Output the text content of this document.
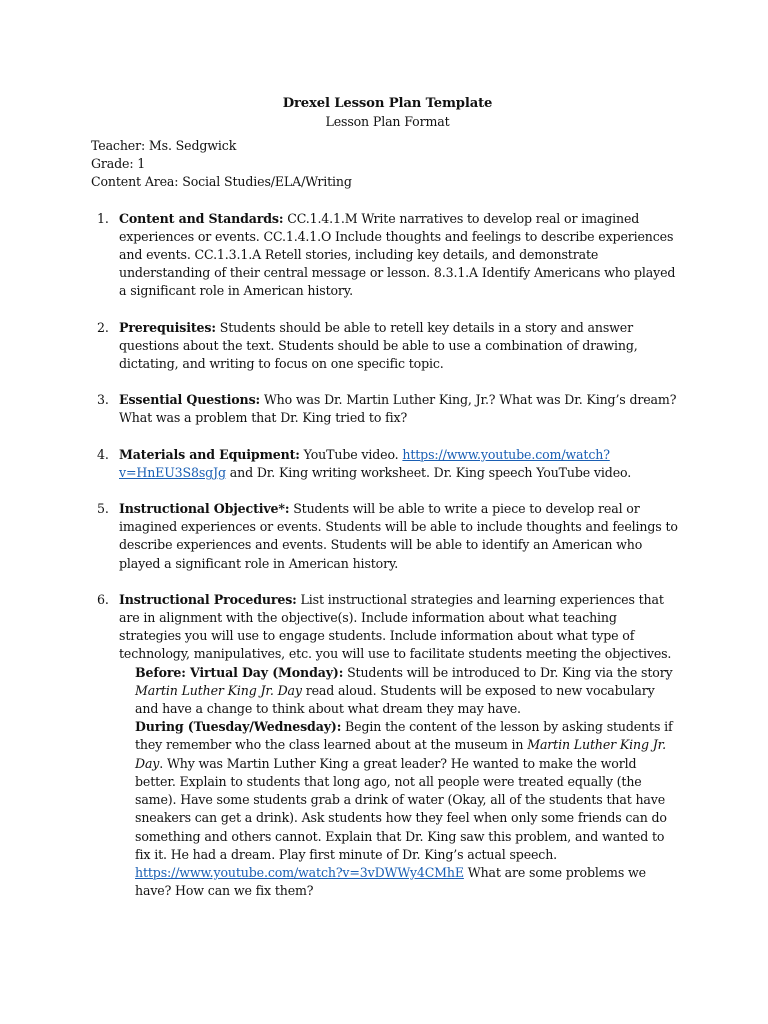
Drexel Lesson Plan Template
Lesson Plan Format

Teacher: Ms. Sedgwick

Grade: 1

Content Area: Social Studies/ELA/Writing

1. Content and Standards: CC.1.4.1.M Write narratives to develop real or imagined experiences or events. CC.1.4.1.O Include thoughts and feelings to describe experiences and events. CC.1.3.1.A Retell stories, including key details, and demonstrate understanding of their central message or lesson. 8.3.1.A Identify Americans who played a significant role in American history.
2. Prerequisites: Students should be able to retell key details in a story and answer questions about the text. Students should be able to use a combination of drawing, dictating, and writing to focus on one specific topic.
3. Essential Questions: Who was Dr. Martin Luther King, Jr.? What was Dr. King’s dream? What was a problem that Dr. King tried to fix?
4. Materials and Equipment: YouTube video. https://www.youtube.com/watch?v=HnEU3S8sgJg and Dr. King writing worksheet. Dr. King speech YouTube video.
5. Instructional Objective*: Students will be able to write a piece to develop real or imagined experiences or events. Students will be able to include thoughts and feelings to describe experiences and events. Students will be able to identify an American who played a significant role in American history.
6. Instructional Procedures: List instructional strategies and learning experiences that are in alignment with the objective(s). Include information about what teaching strategies you will use to engage students. Include information about what type of technology, manipulatives, etc. you will use to facilitate students meeting the objectives.

Before: Virtual Day (Monday): Students will be introduced to Dr. King via the story Martin Luther King Jr. Day read aloud. Students will be exposed to new vocabulary and have a change to think about what dream they may have.

During (Tuesday/Wednesday): Begin the content of the lesson by asking students if they remember who the class learned about at the museum in Martin Luther King Jr. Day. Why was Martin Luther King a great leader? He wanted to make the world better. Explain to students that long ago, not all people were treated equally (the same). Have some students grab a drink of water (Okay, all of the students that have sneakers can get a drink). Ask students how they feel when only some friends can do something and others cannot. Explain that Dr. King saw this problem, and wanted to fix it. He had a dream. Play first minute of Dr. King’s actual speech. https://www.youtube.com/watch?v=3vDWWy4CMhE What are some problems we have? How can we fix them?
